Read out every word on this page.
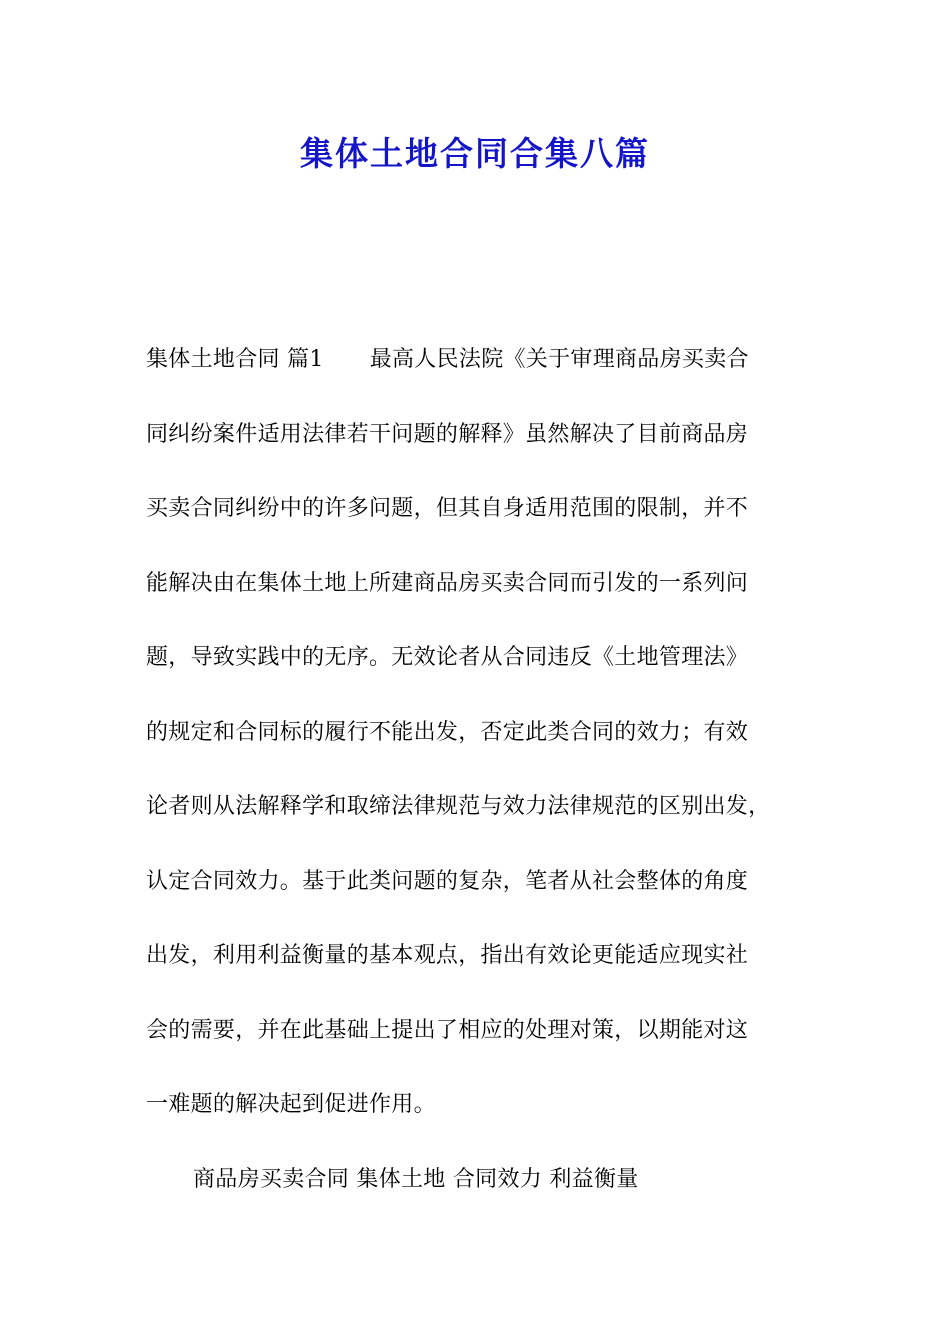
集体土地合同合集八篇
集体土地合同 篇1 最高人民法院《关于审理商品房买卖合
同纠纷案件适用法律若干问题的解释》虽然解决了目前商品房
买卖合同纠纷中的许多问题，但其自身适用范围的限制，并不
能解决由在集体土地上所建商品房买卖合同而引发的一系列问
题，导致实践中的无序。无效论者从合同违反《土地管理法》
的规定和合同标的履行不能出发，否定此类合同的效力；有效
论者则从法解释学和取缔法律规范与效力法律规范的区别出发，
认定合同效力。基于此类问题的复杂，笔者从社会整体的角度
出发，利用利益衡量的基本观点，指出有效论更能适应现实社
会的需要，并在此基础上提出了相应的处理对策，以期能对这
一难题的解决起到促进作用。
商品房买卖合同 集体土地 合同效力 利益衡量
